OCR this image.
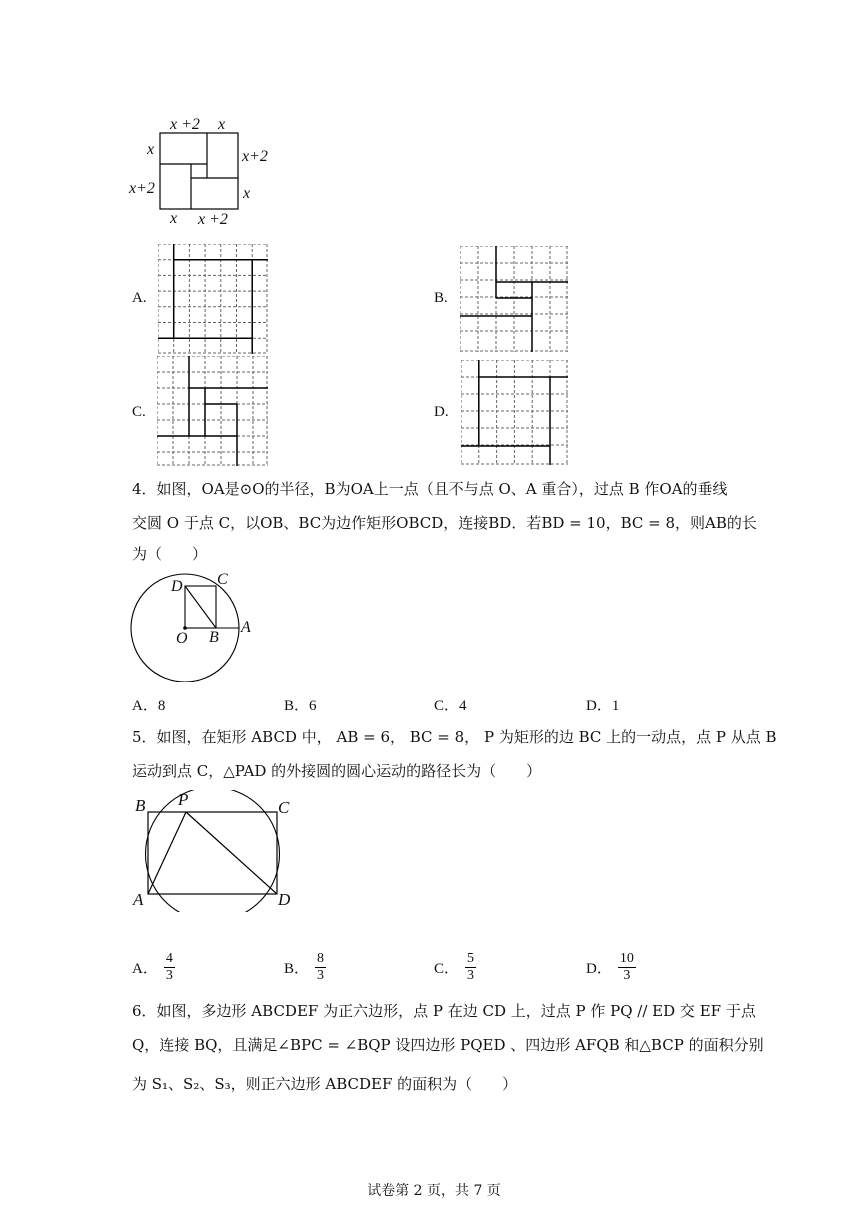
x +2 x
x
x+2
x+2
x
x x +2
A.	B.
C.	D.
4．如图，OA是⊙O的半径，B为OA上一点（且不与点 O、A 重合），过点 B 作OA的垂线
交圆 O 于点 C，以OB、BC为边作矩形OBCD，连接BD．若BD = 10，BC = 8，则AB的长
为（　　）
D C
O B
A
A．8	B．6	C．4	D．1
5．如图，在矩形 ABCD 中， AB = 6， BC = 8， P 为矩形的边 BC 上的一动点，点 P 从点 B
运动到点 C，△PAD 的外接圆的圆心运动的路径长为（　　）
B P	C
A	D
A． $\frac{4}{3}$	B． $\frac{8}{3}$	C． $\frac{5}{3}$	D． $\frac{10}{3}$
6．如图，多边形 ABCDEF 为正六边形，点 P 在边 CD 上，过点 P 作 PQ // ED 交 EF 于点
Q，连接 BQ，且满足∠BPC = ∠BQP 设四边形 PQED 、四边形 AFQB 和△BCP 的面积分别
为 S₁、S₂、S₃，则正六边形 ABCDEF 的面积为（　　）
试卷第 2 页，共 7 页
